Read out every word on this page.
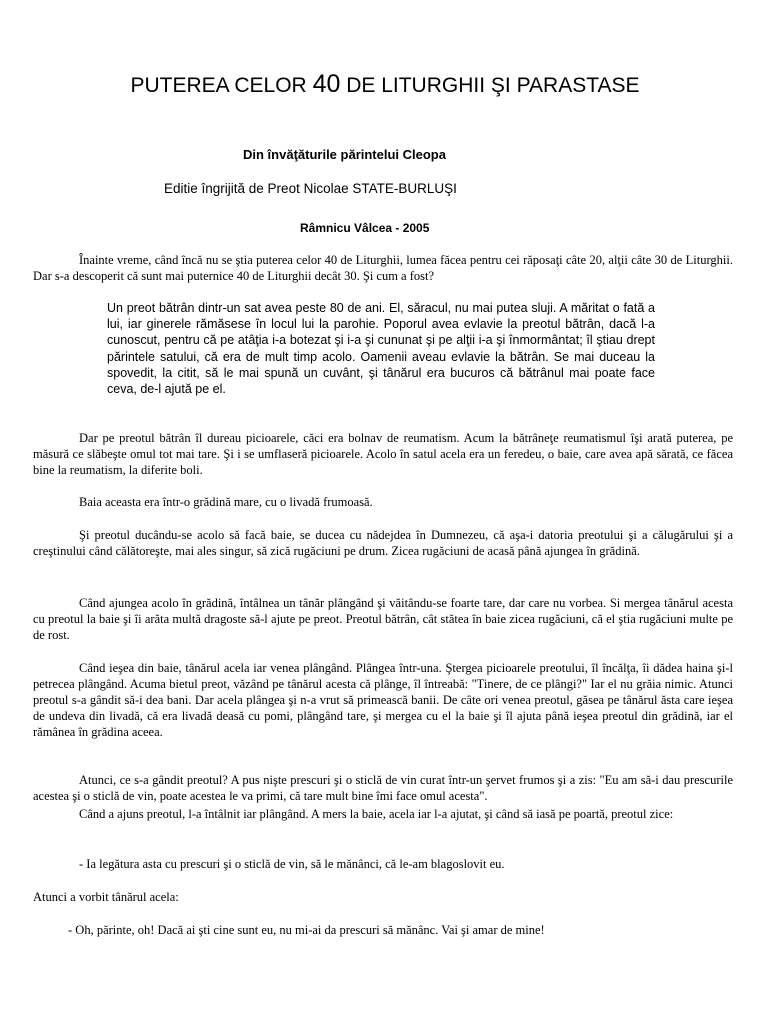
PUTEREA CELOR 40 DE LITURGHII ŞI PARASTASE

Din învăţăturile părintelui Cleopa

Editie îngrijită de Preot Nicolae STATE-BURLUŞI

Râmnicu Vâlcea - 2005

Înainte vreme, când încă nu se ştia puterea celor 40 de Liturghii, lumea făcea pentru cei răposaţi câte 20, alţii câte 30 de Liturghii. Dar s-a descoperit că sunt mai puternice 40 de Liturghii decât 30. Şi cum a fost?

Un preot bătrân dintr-un sat avea peste 80 de ani. El, săracul, nu mai putea sluji. A măritat o fată a lui, iar ginerele rămăsese în locul lui la parohie. Poporul avea evlavie la preotul bătrân, dacă l-a cunoscut, pentru că pe atâţia i-a botezat şi i-a şi cununat şi pe alţii i-a şi înmormântat; îl ştiau drept părintele satului, că era de mult timp acolo. Oamenii aveau evlavie la bătrân. Se mai duceau la spovedit, la citit, să le mai spună un cuvânt, şi tânărul era bucuros că bătrânul mai poate face ceva, de-l ajută pe el.

Dar pe preotul bătrân îl dureau picioarele, căci era bolnav de reumatism. Acum la bătrâneţe reumatismul îşi arată puterea, pe măsură ce slăbeşte omul tot mai tare. Şi i se umflaseră picioarele. Acolo în satul acela era un feredeu, o baie, care avea apă sărată, ce făcea bine la reumatism, la diferite boli.

Baia aceasta era într-o grădină mare, cu o livadă frumoasă.

Şi preotul ducându-se acolo să facă baie, se ducea cu nădejdea în Dumnezeu, că aşa-i datoria preotului şi a călugărului şi a creştinului când călătoreşte, mai ales singur, să zică rugăciuni pe drum. Zicea rugăciuni de acasă până ajungea în grădină.

Când ajungea acolo în grădină, întâlnea un tânăr plângând şi văitându-se foarte tare, dar care nu vorbea. Si mergea tânărul acesta cu preotul la baie şi îi arăta multă dragoste să-l ajute pe preot. Preotul bătrân, cât stătea în baie zicea rugăciuni, că el ştia rugăciuni multe pe de rost.

Când ieşea din baie, tânărul acela iar venea plângând. Plângea într-una. Ştergea picioarele preotului, îl încălţa, îi dădea haina şi-l petrecea plângând. Acuma bietul preot, văzând pe tânărul acesta că plânge, îl întreabă: "Tinere, de ce plângi?" Iar el nu grăia nimic. Atunci preotul s-a gândit să-i dea bani. Dar acela plângea şi n-a vrut să primească banii. De câte ori venea preotul, găsea pe tânărul ăsta care ieşea de undeva din livadă, că era livadă deasă cu pomi, plângând tare, şi mergea cu el la baie şi îl ajuta până ieşea preotul din grădină, iar el rămânea în grădina aceea.

Atunci, ce s-a gândit preotul? A pus nişte prescuri şi o sticlă de vin curat într-un şervet frumos şi a zis: "Eu am să-i dau prescurile acestea şi o sticlă de vin, poate acestea le va primi, că tare mult bine îmi face omul acesta".

Când a ajuns preotul, l-a întâlnit iar plângând. A mers la baie, acela iar l-a ajutat, şi când să iasă pe poartă, preotul zice:

- Ia legătura asta cu prescuri şi o sticlă de vin, să le mănânci, că le-am blagoslovit eu.

Atunci a vorbit tânărul acela:

- Oh, părinte, oh! Dacă ai şti cine sunt eu, nu mi-ai da prescuri să mănânc. Vai şi amar de mine!
